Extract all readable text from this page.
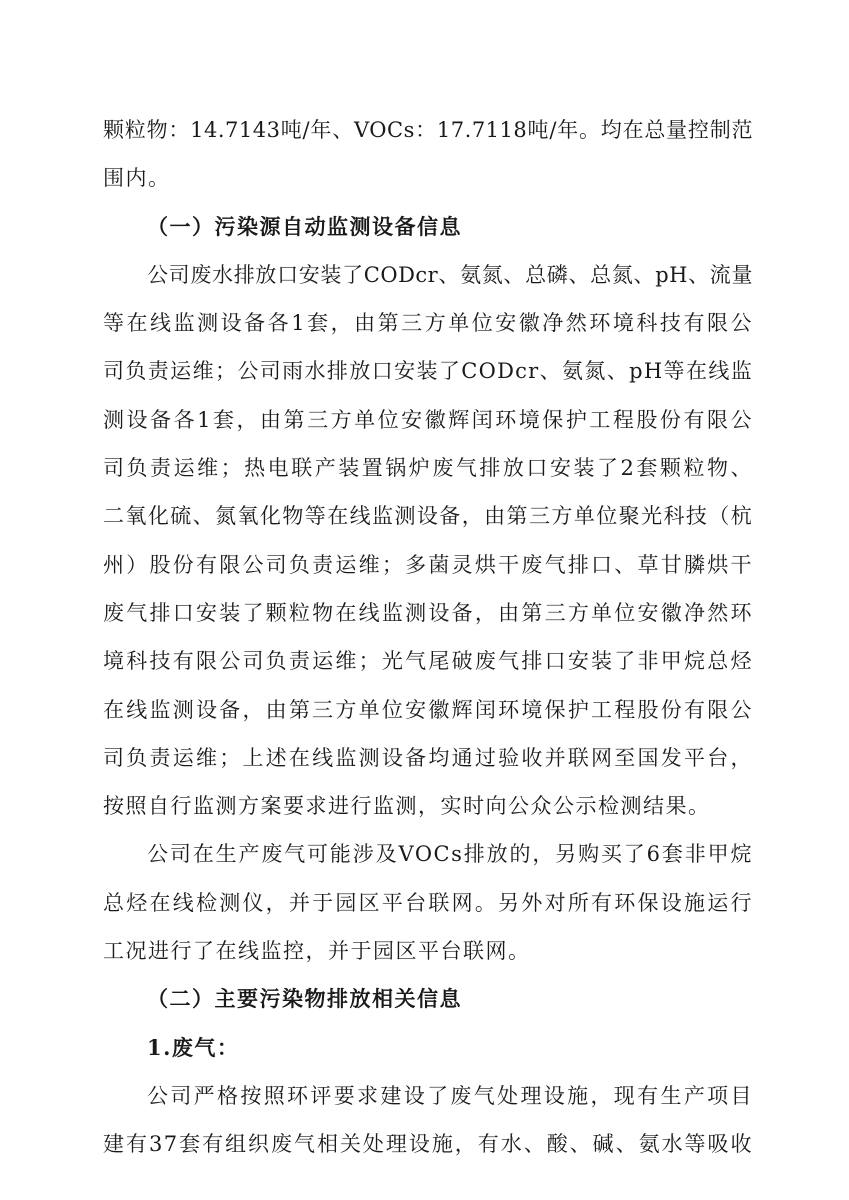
颗粒物：14.7143吨/年、VOCs：17.7118吨/年。均在总量控制范
围内。
（一）污染源自动监测设备信息
公司废水排放口安装了CODcr、氨氮、总磷、总氮、pH、流量
等在线监测设备各1套，由第三方单位安徽净然环境科技有限公
司负责运维；公司雨水排放口安装了CODcr、氨氮、pH等在线监
测设备各1套，由第三方单位安徽辉闰环境保护工程股份有限公
司负责运维；热电联产装置锅炉废气排放口安装了2套颗粒物、
二氧化硫、氮氧化物等在线监测设备，由第三方单位聚光科技（杭
州）股份有限公司负责运维；多菌灵烘干废气排口、草甘膦烘干
废气排口安装了颗粒物在线监测设备，由第三方单位安徽净然环
境科技有限公司负责运维；光气尾破废气排口安装了非甲烷总烃
在线监测设备，由第三方单位安徽辉闰环境保护工程股份有限公
司负责运维；上述在线监测设备均通过验收并联网至国发平台，
按照自行监测方案要求进行监测，实时向公众公示检测结果。
公司在生产废气可能涉及VOCs排放的，另购买了6套非甲烷
总烃在线检测仪，并于园区平台联网。另外对所有环保设施运行
工况进行了在线监控，并于园区平台联网。
（二）主要污染物排放相关信息
1.废气：
公司严格按照环评要求建设了废气处理设施，现有生产项目
建有37套有组织废气相关处理设施，有水、酸、碱、氨水等吸收
